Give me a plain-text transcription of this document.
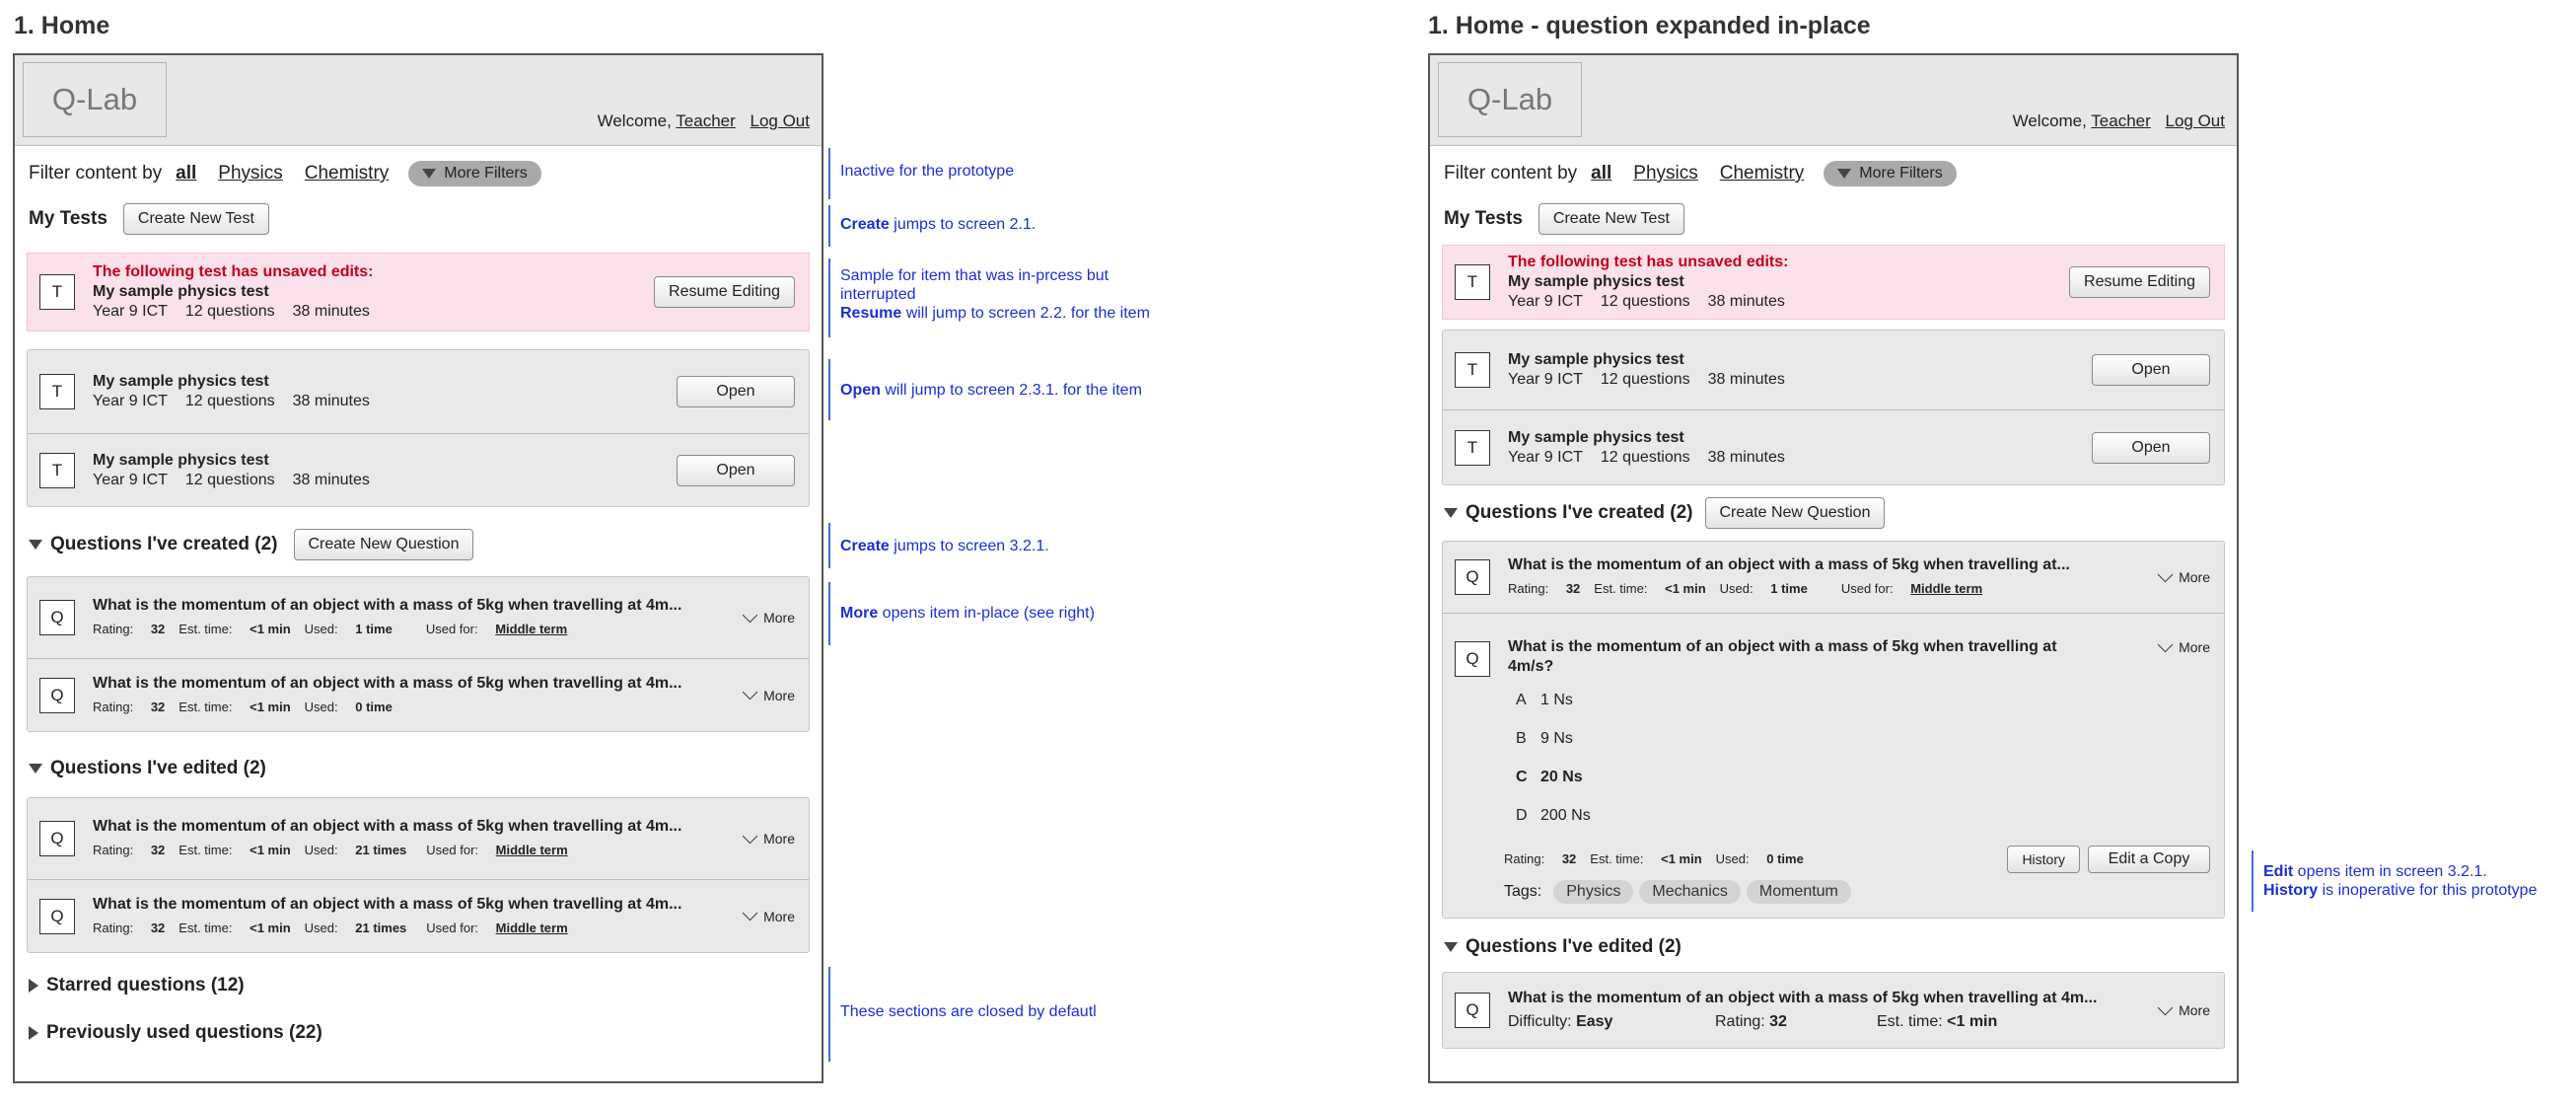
1. Home	1. Home - question expanded in-place
Q-Lab
Welcome, Teacher Log Out
Filter content by all Physics Chemistry	More Filters
My Tests	Create New Test
T
The following test has unsaved edits:
My sample physics test
Year 9 ICT 12 questions 38 minutes
Resume Editing
T
My sample physics test
Year 9 ICT 12 questions 38 minutes
Open
T
My sample physics test
Year 9 ICT 12 questions 38 minutes
Open
Questions I've created (2)	Create New Question
Q
What is the momentum of an object with a mass of 5kg when travelling at 4m...
Rating: 32 Est. time: <1 min Used: 1 time	Used for: Middle term
More
Q
What is the momentum of an object with a mass of 5kg when travelling at 4m...
Rating: 32 Est. time: <1 min Used: 0 time
More
Questions I've edited (2)
Q
What is the momentum of an object with a mass of 5kg when travelling at 4m...
Rating: 32 Est. time: <1 min Used: 21 times Used for: Middle term
More
Q
What is the momentum of an object with a mass of 5kg when travelling at 4m...
Rating: 32 Est. time: <1 min Used: 21 times Used for: Middle term
More
Starred questions (12)
Previously used questions (22)
Inactive for the prototype
Create jumps to screen 2.1.
Sample for item that was in-prcess but
interrupted
Resume will jump to screen 2.2. for the item
Open will jump to screen 2.3.1. for the item
Create jumps to screen 3.2.1.
More opens item in-place (see right)
These sections are closed by defautl
Edit opens item in screen 3.2.1.
History is inoperative for this prototype
Q-Lab
Welcome, Teacher Log Out
Filter content by all Physics Chemistry	More Filters
My Tests	Create New Test
T
The following test has unsaved edits:
My sample physics test
Year 9 ICT 12 questions 38 minutes
Resume Editing
T
My sample physics test
Year 9 ICT 12 questions 38 minutes
Open
T
My sample physics test
Year 9 ICT 12 questions 38 minutes
Open
Questions I've created (2)	Create New Question
Q
What is the momentum of an object with a mass of 5kg when travelling at...
Rating: 32 Est. time: <1 min Used: 1 time	Used for: Middle term
More
Q
What is the momentum of an object with a mass of 5kg when travelling at 4m/s?
More
A 1 Ns
B 9 Ns
C 20 Ns
D 200 Ns
Rating: 32 Est. time: <1 min Used: 0 time	History	Edit a Copy
Tags:	Physics	Mechanics	Momentum
Questions I've edited (2)
Q
What is the momentum of an object with a mass of 5kg when travelling at 4m...
Difficulty: Easy	Rating: 32	Est. time: <1 min
More
